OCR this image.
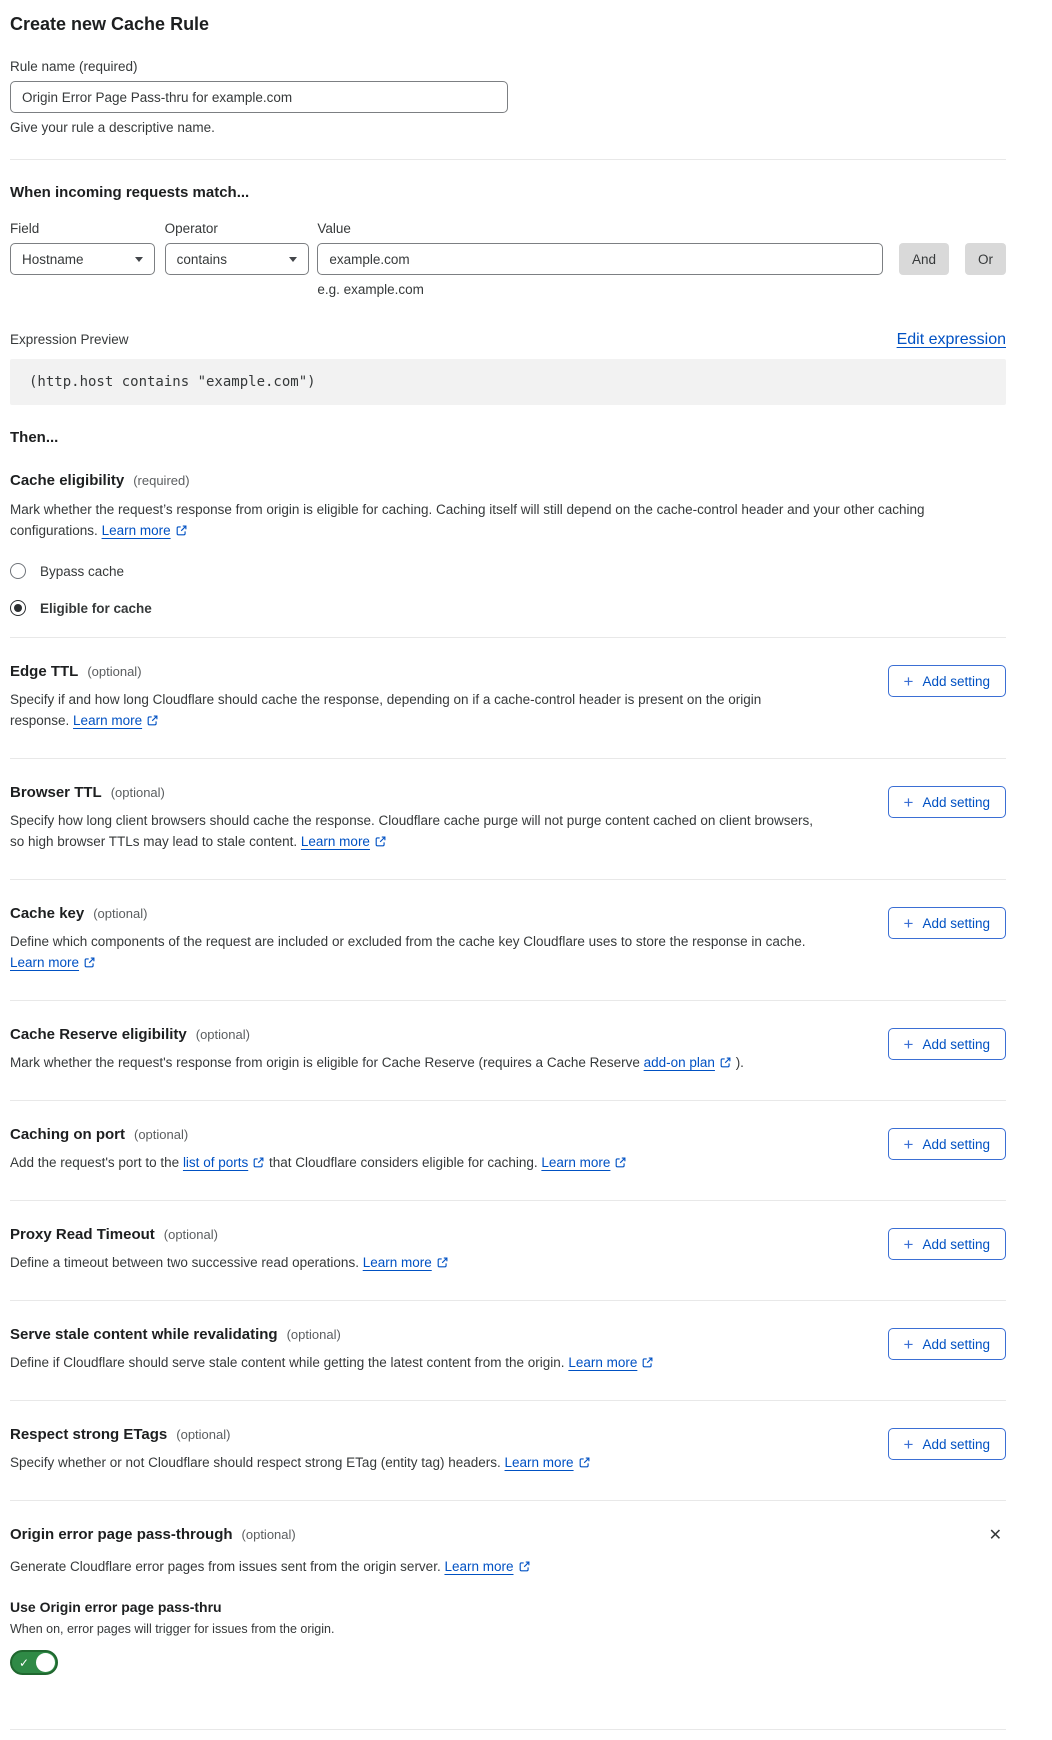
Create new Cache Rule
Rule name (required)
Origin Error Page Pass-thru for example.com
Give your rule a descriptive name.
When incoming requests match...
Field
Hostname
Operator
contains
Value
example.com
e.g. example.com
And	Or
Expression Preview	Edit expression
(http.host contains "example.com")
Then...
Cache eligibility (required)

Mark whether the request’s response from origin is eligible for caching. Caching itself will still depend on the cache-control header and your other caching configurations. Learn more

Bypass cache
Eligible for cache
Edge TTL (optional)

Specify if and how long Cloudflare should cache the response, depending on if a cache-control header is present on the origin response. Learn more

+ Add setting
Browser TTL (optional)

Specify how long client browsers should cache the response. Cloudflare cache purge will not purge content cached on client browsers, so high browser TTLs may lead to stale content. Learn more

+ Add setting
Cache key (optional)

Define which components of the request are included or excluded from the cache key Cloudflare uses to store the response in cache. Learn more

+ Add setting
Cache Reserve eligibility (optional)

Mark whether the request's response from origin is eligible for Cache Reserve (requires a Cache Reserve add-on plan ).

+ Add setting
Caching on port (optional)

Add the request's port to the list of ports that Cloudflare considers eligible for caching. Learn more

+ Add setting
Proxy Read Timeout (optional)

Define a timeout between two successive read operations. Learn more

+ Add setting
Serve stale content while revalidating (optional)

Define if Cloudflare should serve stale content while getting the latest content from the origin. Learn more

+ Add setting
Respect strong ETags (optional)

Specify whether or not Cloudflare should respect strong ETag (entity tag) headers. Learn more

+ Add setting
Origin error page pass-through (optional)	✕

Generate Cloudflare error pages from issues sent from the origin server. Learn more

Use Origin error page pass-thru
When on, error pages will trigger for issues from the origin.
✓
